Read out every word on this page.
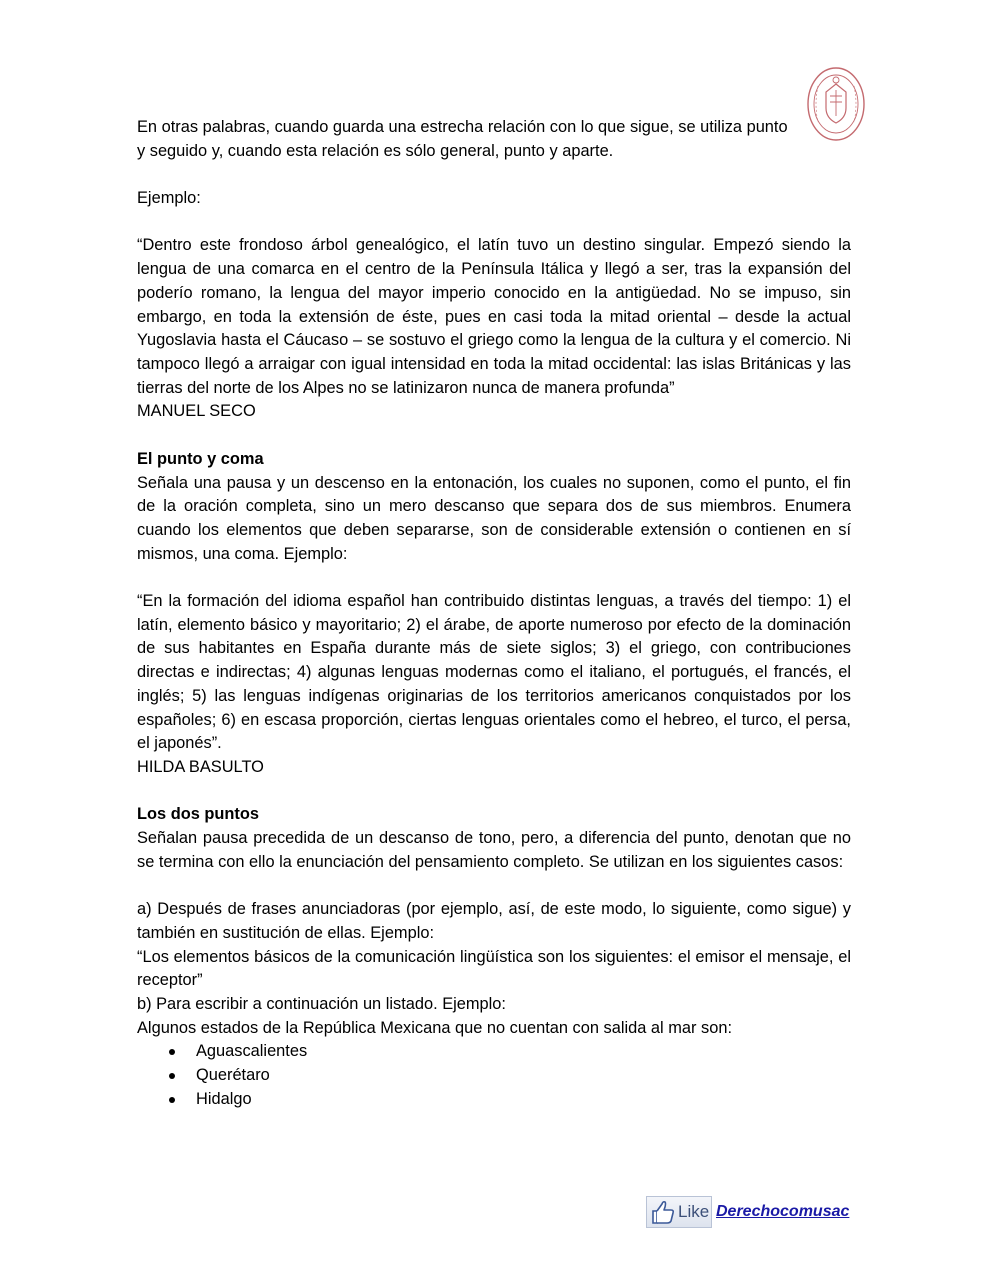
En otras palabras, cuando guarda una estrecha relación con lo que sigue, se utiliza punto y seguido y, cuando esta relación es sólo general, punto y aparte.

Ejemplo:

“Dentro este frondoso árbol genealógico, el latín tuvo un destino singular. Empezó siendo la lengua de una comarca en el centro de la Península Itálica y llegó a ser, tras la expansión del poderío romano, la lengua del mayor imperio conocido en la antigüedad. No se impuso, sin embargo, en toda la extensión de éste, pues en casi toda la mitad oriental – desde la actual Yugoslavia hasta el Cáucaso – se sostuvo el griego como la lengua de la cultura y el comercio. Ni tampoco llegó a arraigar con igual intensidad en toda la mitad occidental: las islas Británicas y las tierras del norte de los Alpes no se latinizaron nunca de manera profunda”

MANUEL SECO

El punto y coma

Señala una pausa y un descenso en la entonación, los cuales no suponen, como el punto, el fin de la oración completa, sino un mero descanso que separa dos de sus miembros. Enumera cuando los elementos que deben separarse, son de considerable extensión o contienen en sí mismos, una coma. Ejemplo:

“En la formación del idioma español han contribuido distintas lenguas, a través del tiempo: 1) el latín, elemento básico y mayoritario; 2) el árabe, de aporte numeroso por efecto de la dominación de sus habitantes en España durante más de siete siglos; 3) el griego, con contribuciones directas e indirectas; 4) algunas lenguas modernas como el italiano, el portugués, el francés, el inglés; 5) las lenguas indígenas originarias de los territorios americanos conquistados por los españoles; 6) en escasa proporción, ciertas lenguas orientales como el hebreo, el turco, el persa, el japonés”.

HILDA BASULTO

Los dos puntos

Señalan pausa precedida de un descanso de tono, pero, a diferencia del punto, denotan que no se termina con ello la enunciación del pensamiento completo. Se utilizan en los siguientes casos:

a) Después de frases anunciadoras (por ejemplo, así, de este modo, lo siguiente, como sigue) y también en sustitución de ellas. Ejemplo:

“Los elementos básicos de la comunicación lingüística son los siguientes: el emisor el mensaje, el receptor”

b) Para escribir a continuación un listado. Ejemplo:

Algunos estados de la República Mexicana que no cuentan con salida al mar son:

Aguascalientes
Querétaro
Hidalgo
Like Derechocomusac
